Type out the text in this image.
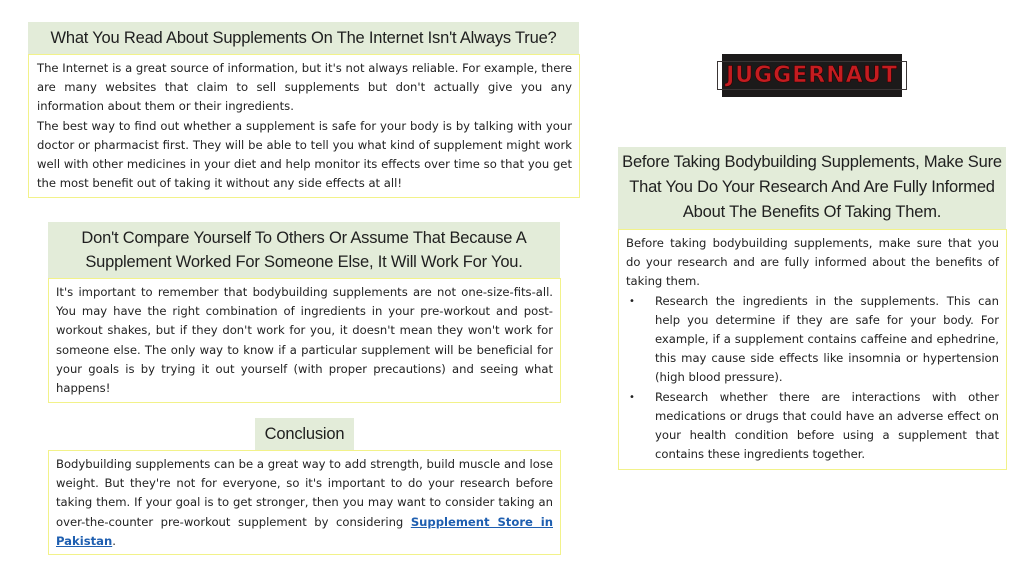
What You Read About Supplements On The Internet Isn't Always True?

The Internet is a great source of information, but it's not always reliable. For example, there are many websites that claim to sell supplements but don't actually give you any information about them or their ingredients.

The best way to find out whether a supplement is safe for your body is by talking with your doctor or pharmacist first. They will be able to tell you what kind of supplement might work well with other medicines in your diet and help monitor its effects over time so that you get the most benefit out of taking it without any side effects at all!

Don't Compare Yourself To Others Or Assume That Because A Supplement Worked For Someone Else, It Will Work For You.

It's important to remember that bodybuilding supplements are not one-size-fits-all. You may have the right combination of ingredients in your pre-workout and post-workout shakes, but if they don't work for you, it doesn't mean they won't work for someone else. The only way to know if a particular supplement will be beneficial for your goals is by trying it out yourself (with proper precautions) and seeing what happens!

Conclusion

Bodybuilding supplements can be a great way to add strength, build muscle and lose weight. But they're not for everyone, so it's important to do your research before taking them. If your goal is to get stronger, then you may want to consider taking an over-the-counter pre-workout supplement by considering Supplement Store in Pakistan.

JUGGERNAUT
Before Taking Bodybuilding Supplements, Make Sure That You Do Your Research And Are Fully Informed About The Benefits Of Taking Them.

Before taking bodybuilding supplements, make sure that you do your research and are fully informed about the benefits of taking them.

• Research the ingredients in the supplements. This can help you determine if they are safe for your body. For example, if a supplement contains caffeine and ephedrine, this may cause side effects like insomnia or hypertension (high blood pressure).
• Research whether there are interactions with other medications or drugs that could have an adverse effect on your health condition before using a supplement that contains these ingredients together.
